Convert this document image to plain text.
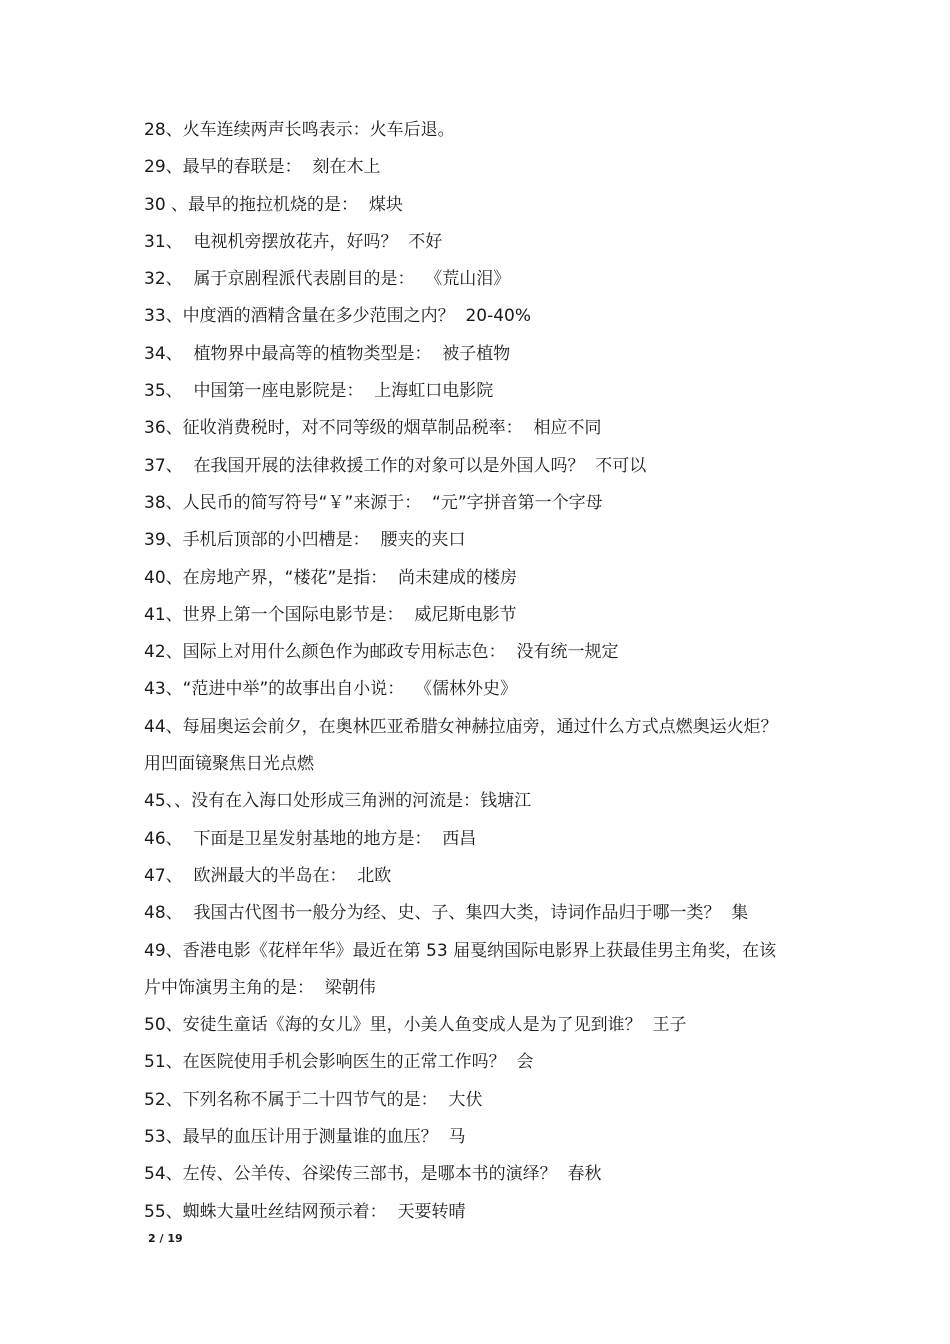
28、火车连续两声长鸣表示：火车后退。
29、最早的春联是：  刻在木上
30 、最早的拖拉机烧的是：  煤块
31、  电视机旁摆放花卉，好吗？  不好
32、  属于京剧程派代表剧目的是：  《荒山泪》
33、中度酒的酒精含量在多少范围之内？  20-40%
34、  植物界中最高等的植物类型是：  被子植物
35、  中国第一座电影院是：  上海虹口电影院
36、征收消费税时，对不同等级的烟草制品税率：  相应不同
37、  在我国开展的法律救援工作的对象可以是外国人吗？  不可以
38、人民币的简写符号“￥”来源于：  “元”字拼音第一个字母
39、手机后顶部的小凹槽是：  腰夹的夹口
40、在房地产界，“楼花”是指：  尚未建成的楼房
41、世界上第一个国际电影节是：  威尼斯电影节
42、国际上对用什么颜色作为邮政专用标志色：  没有统一规定
43、“范进中举”的故事出自小说：  《儒林外史》
44、每届奥运会前夕，在奥林匹亚希腊女神赫拉庙旁，通过什么方式点燃奥运火炬？
用凹面镜聚焦日光点燃
45、、没有在入海口处形成三角洲的河流是：钱塘江
46、  下面是卫星发射基地的地方是：  西昌
47、  欧洲最大的半岛在：  北欧
48、  我国古代图书一般分为经、史、子、集四大类，诗词作品归于哪一类？  集
49、香港电影《花样年华》最近在第 53 届戛纳国际电影界上获最佳男主角奖，在该
片中饰演男主角的是：  梁朝伟
50、安徒生童话《海的女儿》里，小美人鱼变成人是为了见到谁？  王子
51、在医院使用手机会影响医生的正常工作吗？  会
52、下列名称不属于二十四节气的是：  大伏
53、最早的血压计用于测量谁的血压？  马
54、左传、公羊传、谷梁传三部书，是哪本书的演绎？  春秋
55、蜘蛛大量吐丝结网预示着：  天要转晴
2 / 19
